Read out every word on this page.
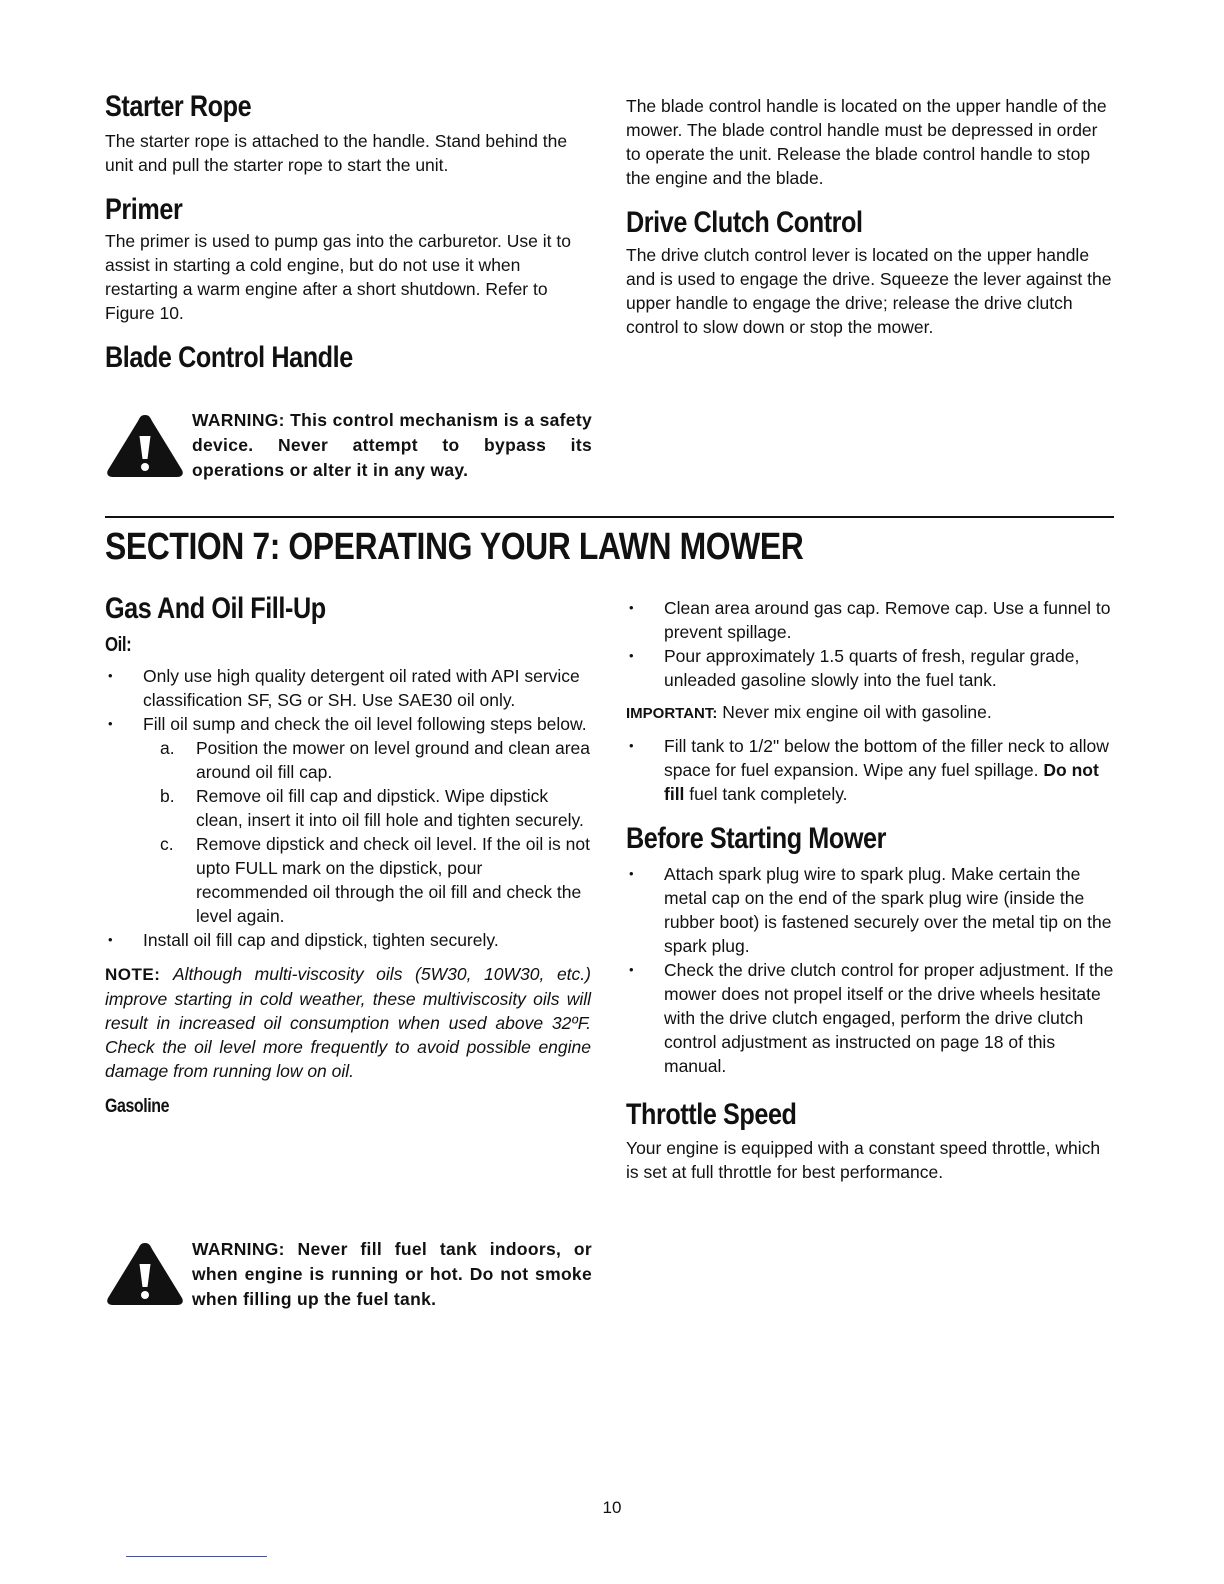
Starter Rope

The starter rope is attached to the handle. Stand behind the unit and pull the starter rope to start the unit.

Primer

The primer is used to pump gas into the carburetor. Use it to assist in starting a cold engine, but do not use it when restarting a warm engine after a short shutdown. Refer to Figure 10.

Blade Control Handle
WARNING: This control mechanism is a safety device. Never attempt to bypass its operations or alter it in any way.

The blade control handle is located on the upper handle of the mower. The blade control handle must be depressed in order to operate the unit. Release the blade control handle to stop the engine and the blade.

Drive Clutch Control

The drive clutch control lever is located on the upper handle and is used to engage the drive. Squeeze the lever against the upper handle to engage the drive; release the drive clutch control to slow down or stop the mower.

SECTION 7: OPERATING YOUR LAWN MOWER
Gas And Oil Fill-Up
Oil:

• Only use high quality detergent oil rated with API service classification SF, SG or SH. Use SAE30 oil only.

• Fill oil sump and check the oil level following steps below.

a. Position the mower on level ground and clean area around oil fill cap.
b. Remove oil fill cap and dipstick. Wipe dipstick clean, insert it into oil fill hole and tighten securely.
c. Remove dipstick and check oil level. If the oil is not upto FULL mark on the dipstick, pour recommended oil through the oil fill and check the level again.

• Install oil fill cap and dipstick, tighten securely.

NOTE: Although multi-viscosity oils (5W30, 10W30, etc.) improve starting in cold weather, these multiviscosity oils will result in increased oil consumption when used above 32ºF. Check the oil level more frequently to avoid possible engine damage from running low on oil.

Gasoline
WARNING: Never fill fuel tank indoors, or when engine is running or hot. Do not smoke when filling up the fuel tank.

• Clean area around gas cap. Remove cap. Use a funnel to prevent spillage.

• Pour approximately 1.5 quarts of fresh, regular grade, unleaded gasoline slowly into the fuel tank.

IMPORTANT: Never mix engine oil with gasoline.

• Fill tank to 1/2" below the bottom of the filler neck to allow space for fuel expansion. Wipe any fuel spillage. Do not fill fuel tank completely.

Before Starting Mower

• Attach spark plug wire to spark plug. Make certain the metal cap on the end of the spark plug wire (inside the rubber boot) is fastened securely over the metal tip on the spark plug.

• Check the drive clutch control for proper adjustment. If the mower does not propel itself or the drive wheels hesitate with the drive clutch engaged, perform the drive clutch control adjustment as instructed on page 18 of this manual.

Throttle Speed

Your engine is equipped with a constant speed throttle, which is set at full throttle for best performance.

10
